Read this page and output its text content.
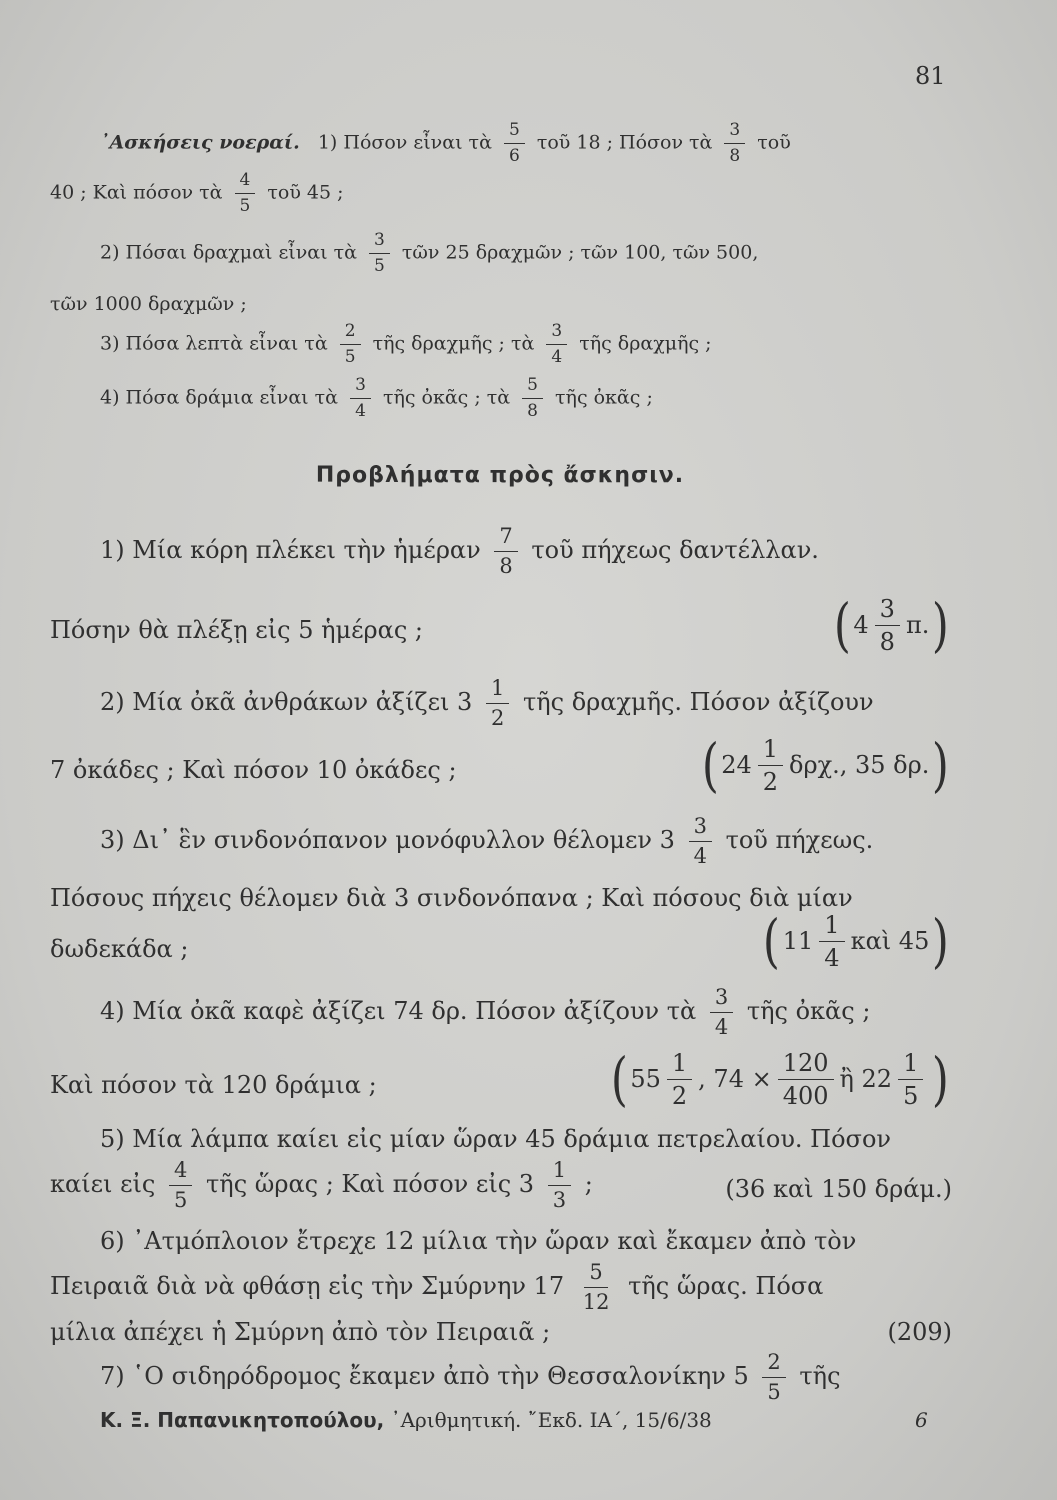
81
᾿Ασκήσεις νοεραί. 1) Πόσον εἶναι τὰ $\frac{5}{6}$ τοῦ 18 ; Πόσον τὰ $\frac{3}{8}$ τοῦ
40 ; Καὶ πόσον τὰ $\frac{4}{5}$ τοῦ 45 ;
2) Πόσαι δραχμαὶ εἶναι τὰ $\frac{3}{5}$ τῶν 25 δραχμῶν ; τῶν 100, τῶν 500,
τῶν 1000 δραχμῶν ;
3) Πόσα λεπτὰ εἶναι τὰ $\frac{2}{5}$ τῆς δραχμῆς ; τὰ $\frac{3}{4}$ τῆς δραχμῆς ;
4) Πόσα δράμια εἶναι τὰ $\frac{3}{4}$ τῆς ὀκᾶς ; τὰ $\frac{5}{8}$ τῆς ὀκᾶς ;
Προβλήματα πρὸς ἄσκησιν.
1) Μία κόρη πλέκει τὴν ἡμέραν $\frac{7}{8}$ τοῦ πήχεως δαντέλλαν.
Πόσην θὰ πλέξῃ εἰς 5 ἡμέρας ;	( $4 \frac{3}{8} \pi$. )
2) Μία ὀκᾶ ἀνθράκων ἀξίζει $3 \frac{1}{2}$ τῆς δραχμῆς. Πόσον ἀξίζουν
7 ὀκάδες ; Καὶ πόσον 10 ὀκάδες ;	( $24 \frac{1}{2} \delta\rho\chi$., 35 δρ. )
3) Δι᾿ ἓν σινδονόπανον μονόφυλλον θέλομεν $3 \frac{3}{4}$ τοῦ πήχεως.
Πόσους πήχεις θέλομεν διὰ 3 σινδονόπανα ; Καὶ πόσους διὰ μίαν
δωδεκάδα ;	( $11 \frac{1}{4}$ καὶ 45 )
4) Μία ὀκᾶ καφὲ ἀξίζει 74 δρ. Πόσον ἀξίζουν τὰ $\frac{3}{4}$ τῆς ὀκᾶς ;
Καὶ πόσον τὰ 120 δράμια ;	( $55 \frac{1}{2}$ , $74 \times \frac{120}{400}$ ἢ $22 \frac{1}{5}$ )
5) Μία λάμπα καίει εἰς μίαν ὥραν 45 δράμια πετρελαίου. Πόσον
καίει εἰς $\frac{4}{5}$ τῆς ὥρας ; Καὶ πόσον εἰς $3 \frac{1}{3}$ ;	(36 καὶ 150 δράμ.)
6) ᾿Ατμόπλοιον ἔτρεχε 12 μίλια τὴν ὥραν καὶ ἔκαμεν ἀπὸ τὸν
Πειραιᾶ διὰ νὰ φθάσῃ εἰς τὴν Σμύρνην $17 \frac{5}{12}$ τῆς ὥρας. Πόσα
μίλια ἀπέχει ἡ Σμύρνη ἀπὸ τὸν Πειραιᾶ ;	(209)
7) ῾Ο σιδηρόδρομος ἔκαμεν ἀπὸ τὴν Θεσσαλονίκην $5 \frac{2}{5}$ τῆς
Κ. Ξ. Παπανικητοπούλου, ᾿Αριθμητική. ῎Εκδ. ΙΑ΄, 15/6/38	6
